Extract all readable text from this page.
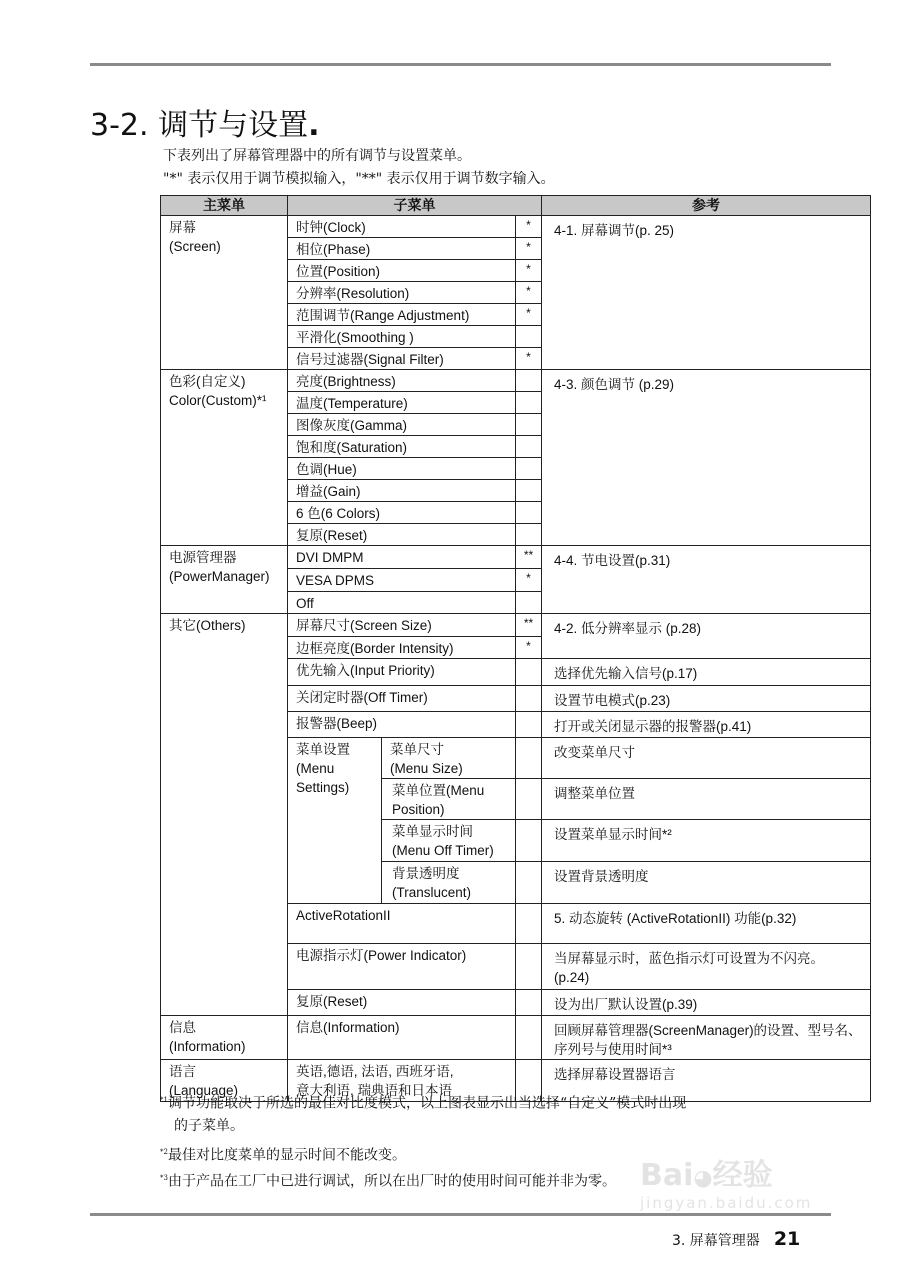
3-2. 调节与设置.
下表列出了屏幕管理器中的所有调节与设置菜单。
"*" 表示仅用于调节模拟输入，"**" 表示仅用于调节数字输入。
主菜单	子菜单			参考
屏幕
(Screen)	时钟(Clock)		*	4-1. 屏幕调节(p. 25)
	相位(Phase)		*	
	位置(Position)		*	
	分辨率(Resolution)		*	
	范围调节(Range Adjustment)		*	
	平滑化(Smoothing )			
	信号过滤器(Signal Filter)		*	
色彩(自定义)
Color(Custom)*¹	亮度(Brightness)			4-3. 颜色调节 (p.29)
	温度(Temperature)			
	图像灰度(Gamma)			
	饱和度(Saturation)			
	色调(Hue)			
	增益(Gain)			
	6 色(6 Colors)			
	复原(Reset)			
电源管理器
(PowerManager)	DVI DMPM		**	4-4. 节电设置(p.31)
	VESA DPMS		*	
	Off			
其它(Others)	屏幕尺寸(Screen Size)		**	4-2. 低分辨率显示 (p.28)
	边框亮度(Border Intensity)		*	
	优先输入(Input Priority)			选择优先输入信号(p.17)
	关闭定时器(Off Timer)			设置节电模式(p.23)
	报警器(Beep)			打开或关闭显示器的报警器(p.41)
	菜单设置
(Menu
Settings)	菜单尺寸
(Menu Size)		改变菜单尺寸
		菜单位置(Menu
Position)		调整菜单位置
		菜单显示时间
(Menu Off Timer)		设置菜单显示时间*²
		背景透明度
(Translucent)		设置背景透明度
	ActiveRotationII			5. 动态旋转 (ActiveRotationII) 功能(p.32)
	电源指示灯(Power Indicator)			当屏幕显示时，蓝色指示灯可设置为不闪亮。
(p.24)
	复原(Reset)			设为出厂默认设置(p.39)
信息
(Information)	信息(Information)			回顾屏幕管理器(ScreenManager)的设置、型号名、序列号与使用时间*³
语言
(Language)	英语,德语, 法语, 西班牙语,
意大利语, 瑞典语和日本语			选择屏幕设置器语言
$^{*1}$调节功能取决于所选的最佳对比度模式，以上图表显示出当选择“自定义”模式时出现
的子菜单。
$^{*2}$最佳对比度菜单的显示时间不能改变。
$^{*3}$由于产品在工厂中已进行调试，所以在出厂时的使用时间可能并非为零。 Bai◕经验
jingyan.baidu.com
3. 屏幕管理器 21
